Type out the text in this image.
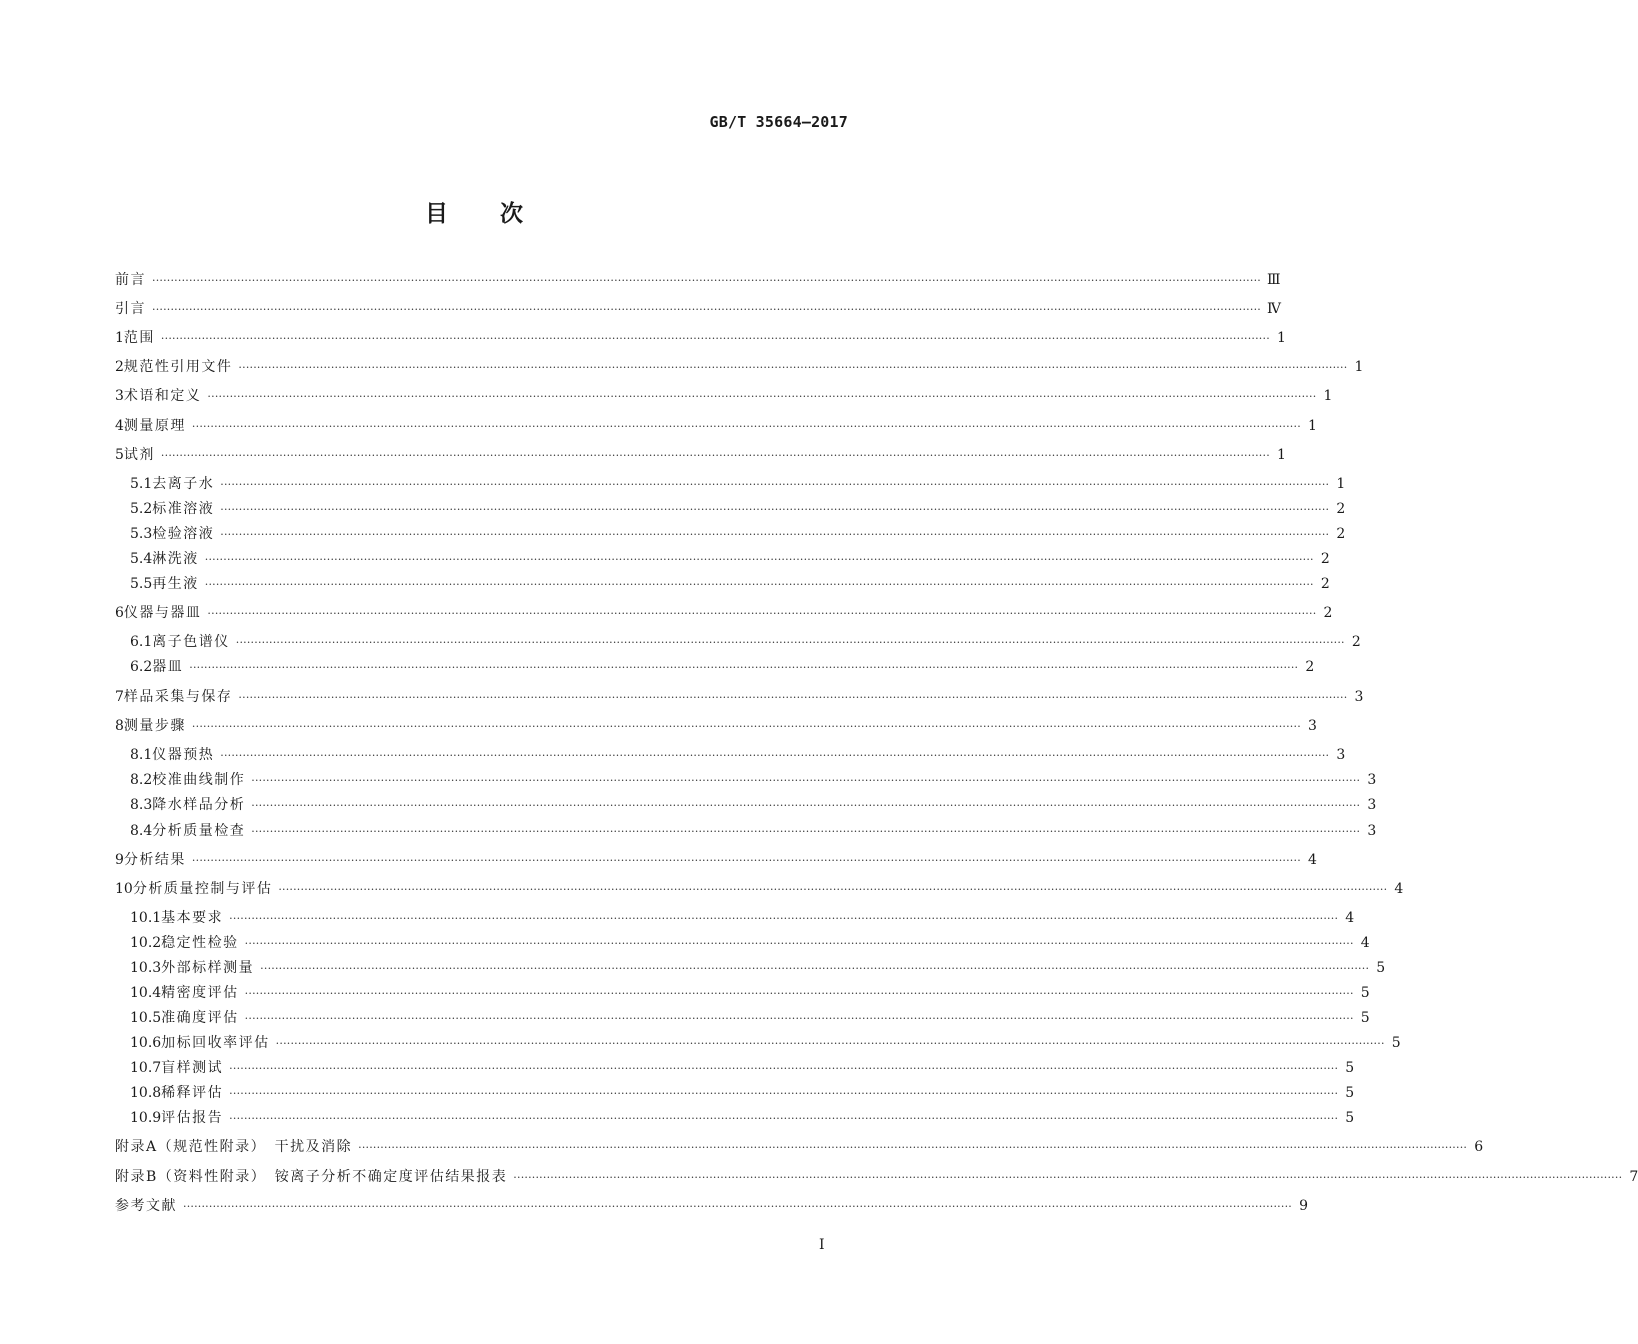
GB/T 35664—2017
目　　次
前言 ············································································································································································································································································································ Ⅲ
引言 ············································································································································································································································································································ Ⅳ
1 范围 ············································································································································································································································································································ 1
2 规范性引用文件 ············································································································································································································································································································ 1
3 术语和定义 ············································································································································································································································································································ 1
4 测量原理 ············································································································································································································································································································ 1
5 试剂 ············································································································································································································································································································ 1
5.1 去离子水 ············································································································································································································································································································ 1
5.2 标准溶液 ············································································································································································································································································································ 2
5.3 检验溶液 ············································································································································································································································································································ 2
5.4 淋洗液 ············································································································································································································································································································ 2
5.5 再生液 ············································································································································································································································································································ 2
6 仪器与器皿 ············································································································································································································································································································ 2
6.1 离子色谱仪 ············································································································································································································································································································ 2
6.2 器皿 ············································································································································································································································································································ 2
7 样品采集与保存 ············································································································································································································································································································ 3
8 测量步骤 ············································································································································································································································································································ 3
8.1 仪器预热 ············································································································································································································································································································ 3
8.2 校准曲线制作 ············································································································································································································································································································ 3
8.3 降水样品分析 ············································································································································································································································································································ 3
8.4 分析质量检查 ············································································································································································································································································································ 3
9 分析结果 ············································································································································································································································································································ 4
10 分析质量控制与评估 ············································································································································································································································································································ 4
10.1 基本要求 ············································································································································································································································································································ 4
10.2 稳定性检验 ············································································································································································································································································································ 4
10.3 外部标样测量 ············································································································································································································································································································ 5
10.4 精密度评估 ············································································································································································································································································································ 5
10.5 准确度评估 ············································································································································································································································································································ 5
10.6 加标回收率评估 ············································································································································································································································································································ 5
10.7 盲样测试 ············································································································································································································································································································ 5
10.8 稀释评估 ············································································································································································································································································································ 5
10.9 评估报告 ············································································································································································································································································································ 5
附录A（规范性附录）　干扰及消除 ············································································································································································································································································································ 6
附录B（资料性附录）　铵离子分析不确定度评估结果报表 ············································································································································································································································································································ 7
参考文献 ············································································································································································································································································································ 9
I
